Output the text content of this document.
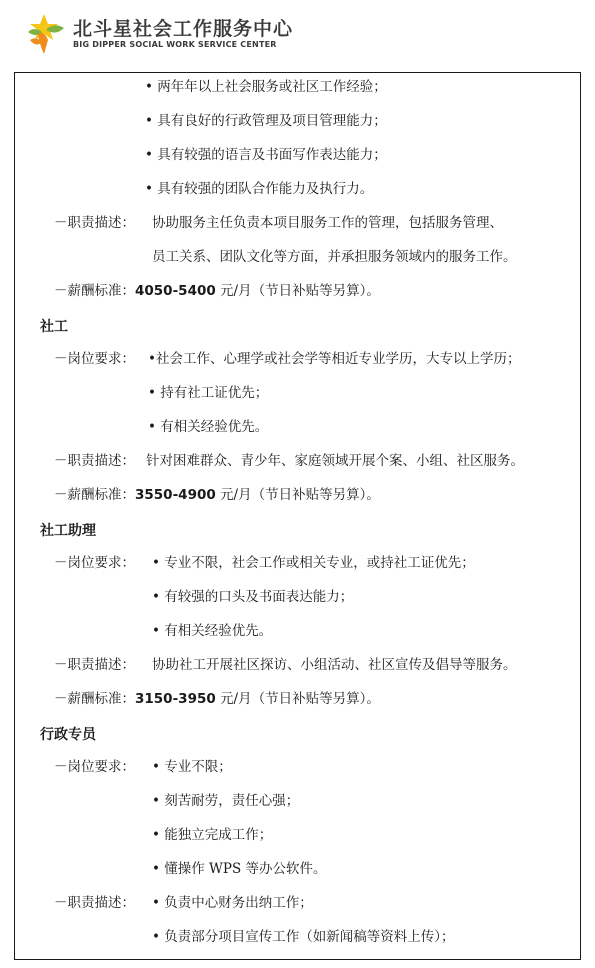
北斗星社会工作服务中心
BIG DIPPER SOCIAL WORK SERVICE CENTER
• 两年年以上社会服务或社区工作经验；
• 具有良好的行政管理及项目管理能力；
• 具有较强的语言及书面写作表达能力；
• 具有较强的团队合作能力及执行力。
－职责描述： 协助服务主任负责本项目服务工作的管理，包括服务管理、
员工关系、团队文化等方面，并承担服务领域内的服务工作。
－薪酬标准：4050-5400 元/月（节日补贴等另算）。
社工
－岗位要求： •社会工作、心理学或社会学等相近专业学历，大专以上学历；
• 持有社工证优先；
• 有相关经验优先。
－职责描述： 针对困难群众、青少年、家庭领域开展个案、小组、社区服务。
－薪酬标准：3550-4900 元/月（节日补贴等另算）。
社工助理
－岗位要求： • 专业不限，社会工作或相关专业，或持社工证优先；
• 有较强的口头及书面表达能力；
• 有相关经验优先。
－职责描述： 协助社工开展社区探访、小组活动、社区宣传及倡导等服务。
－薪酬标准：3150-3950 元/月（节日补贴等另算）。
行政专员
－岗位要求： • 专业不限；
• 刻苦耐劳，责任心强；
• 能独立完成工作；
• 懂操作 WPS 等办公软件。
－职责描述： • 负责中心财务出纳工作；
• 负责部分项目宣传工作（如新闻稿等资料上传）；
